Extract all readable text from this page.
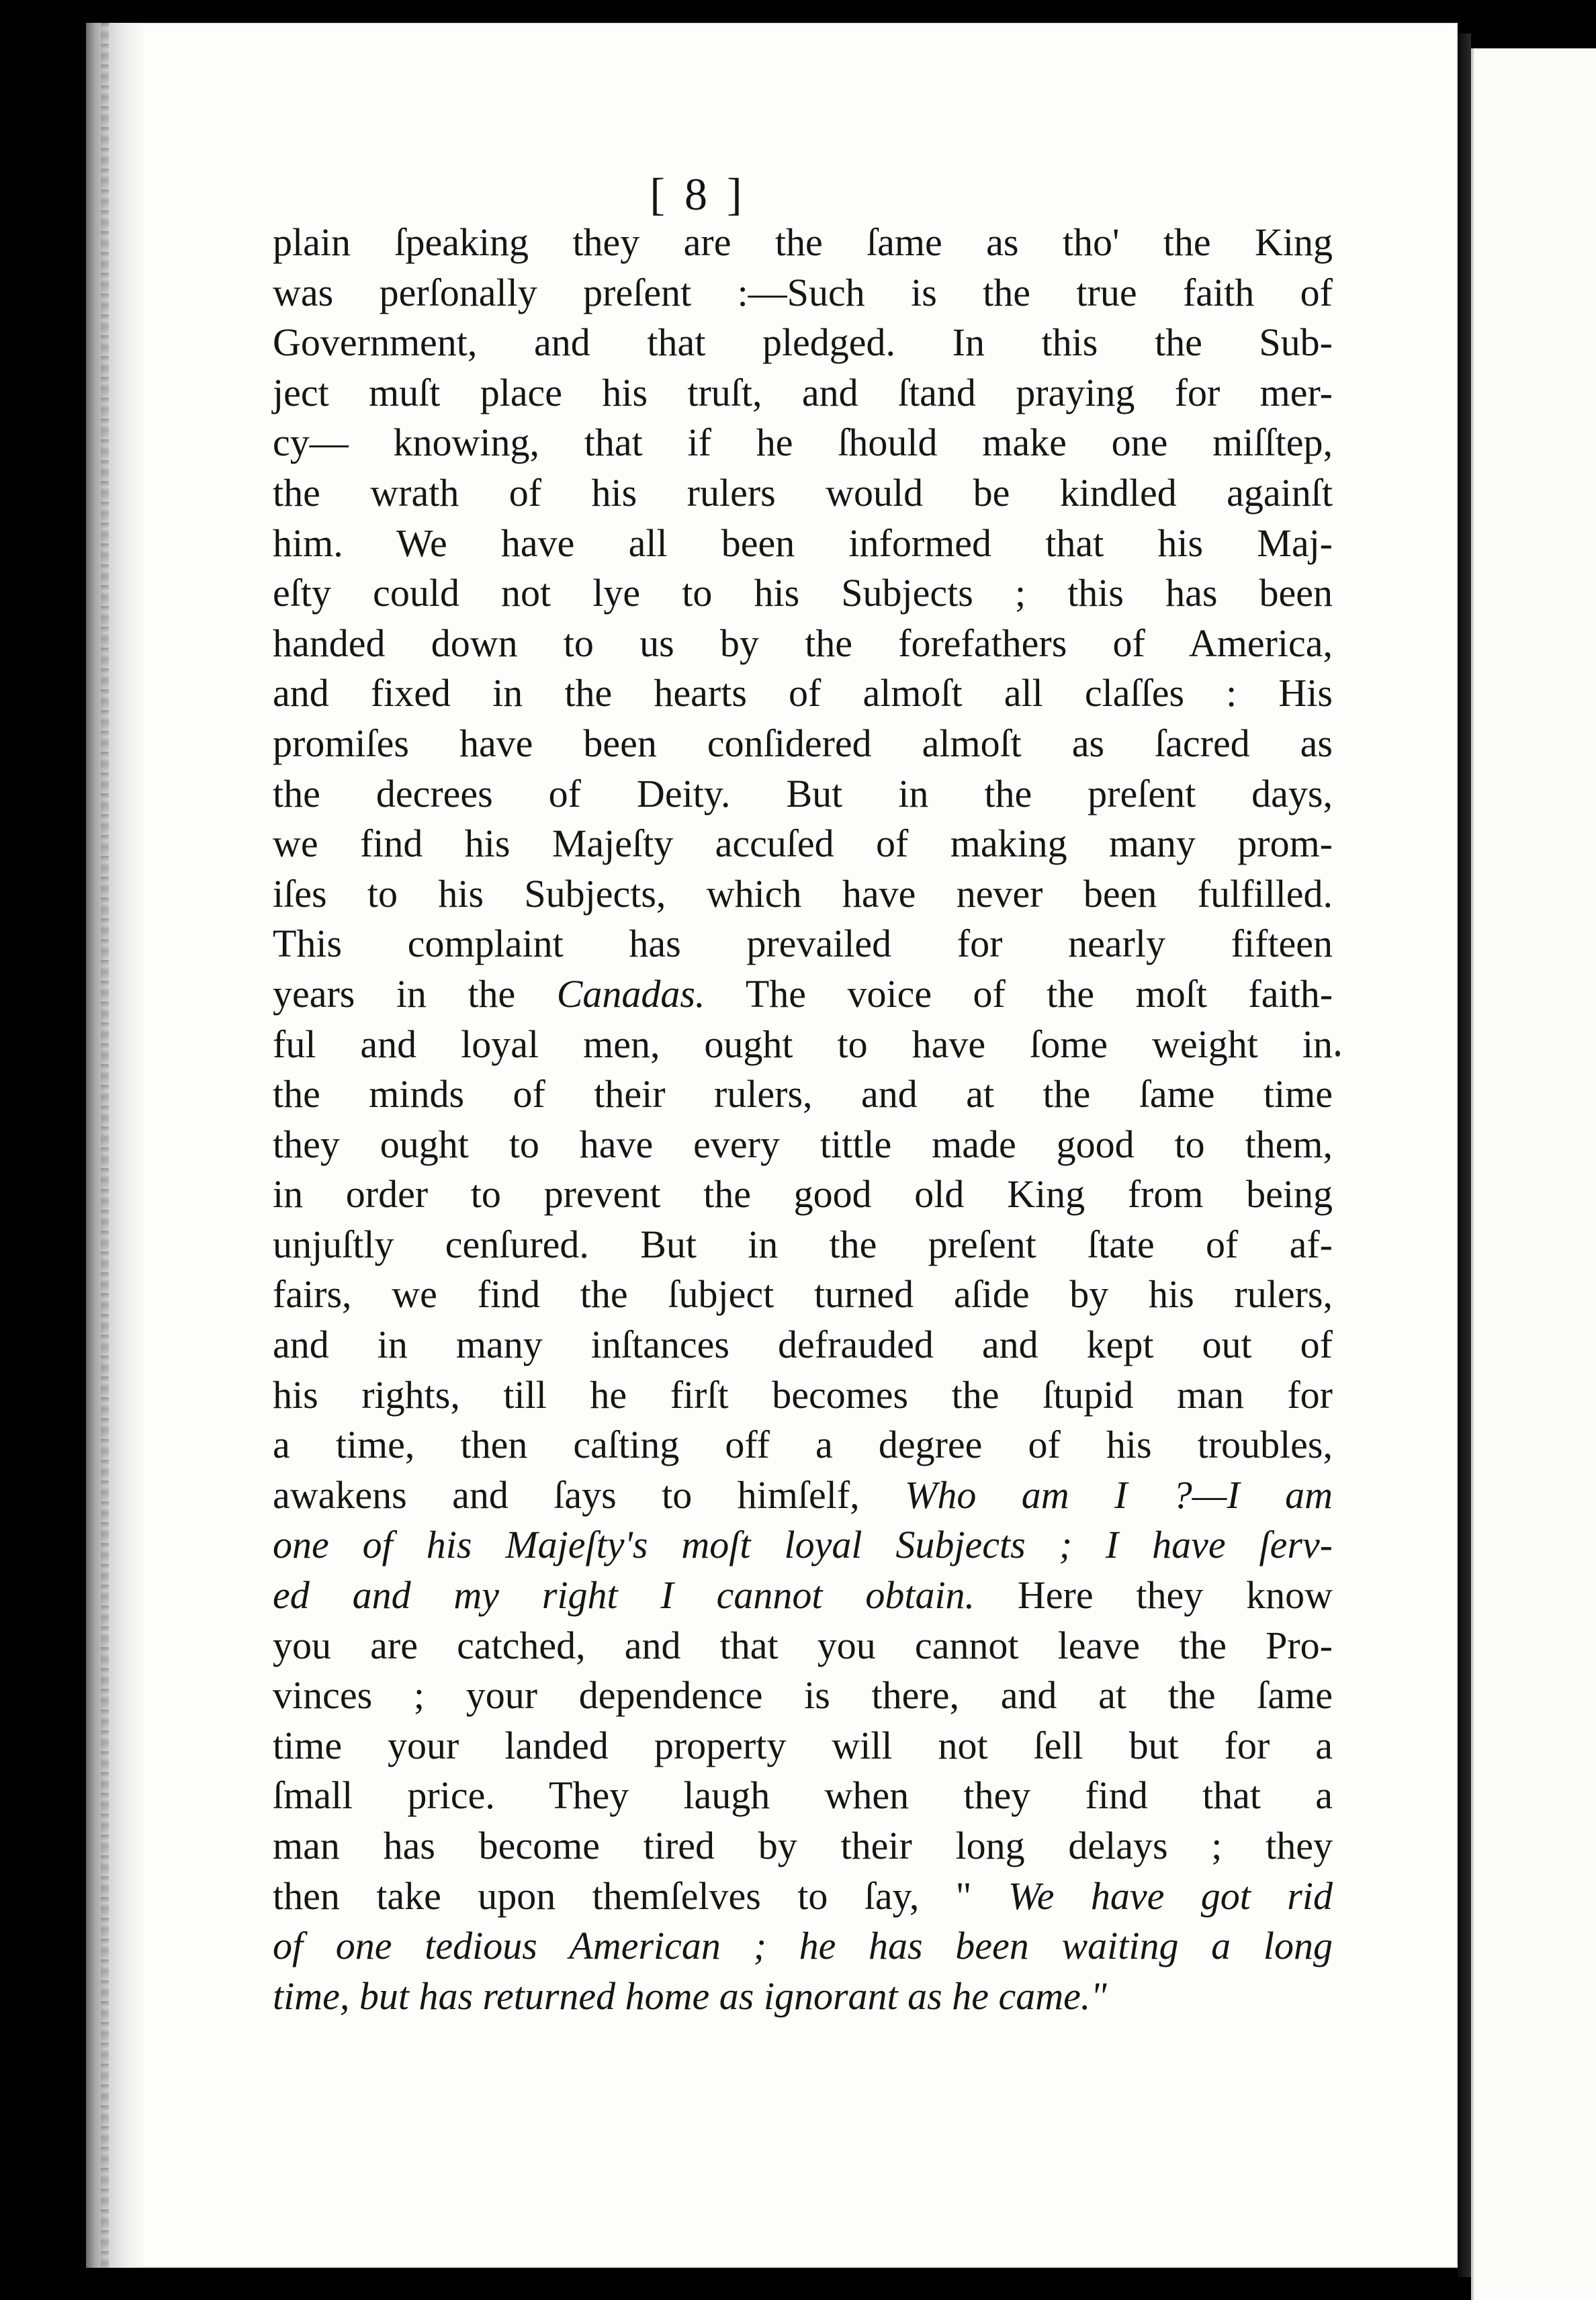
[ 8 ]
plain ſpeaking they are the ſame as tho' the King
was perſonally preſent :—Such is the true faith of
Government, and that pledged. In this the Sub-
ject muſt place his truſt, and ſtand praying for mer-
cy— knowing, that if he ſhould make one miſſtep,
the wrath of his rulers would be kindled againſt
him. We have all been informed that his Maj-
eſty could not lye to his Subjects ; this has been
handed down to us by the forefathers of America,
and fixed in the hearts of almoſt all claſſes : His
promiſes have been conſidered almoſt as ſacred as
the decrees of Deity. But in the preſent days,
we find his Majeſty accuſed of making many prom-
iſes to his Subjects, which have never been fulfilled.
This complaint has prevailed for nearly fifteen
years in the Canadas. The voice of the moſt faith-
ful and loyal men, ought to have ſome weight in
the minds of their rulers, and at the ſame time
they ought to have every tittle made good to them,
in order to prevent the good old King from being
unjuſtly cenſured. But in the preſent ſtate of af-
fairs, we find the ſubject turned aſide by his rulers,
and in many inſtances defrauded and kept out of
his rights, till he firſt becomes the ſtupid man for
a time, then caſting off a degree of his troubles,
awakens and ſays to himſelf, Who am I ?—I am
one of his Majeſty's moſt loyal Subjects ; I have ſerv-
ed and my right I cannot obtain. Here they know
you are catched, and that you cannot leave the Pro-
vinces ; your dependence is there, and at the ſame
time your landed property will not ſell but for a
ſmall price. They laugh when they find that a
man has become tired by their long delays ; they
then take upon themſelves to ſay, " We have got rid
of one tedious American ; he has been waiting a long
time, but has returned home as ignorant as he came."
